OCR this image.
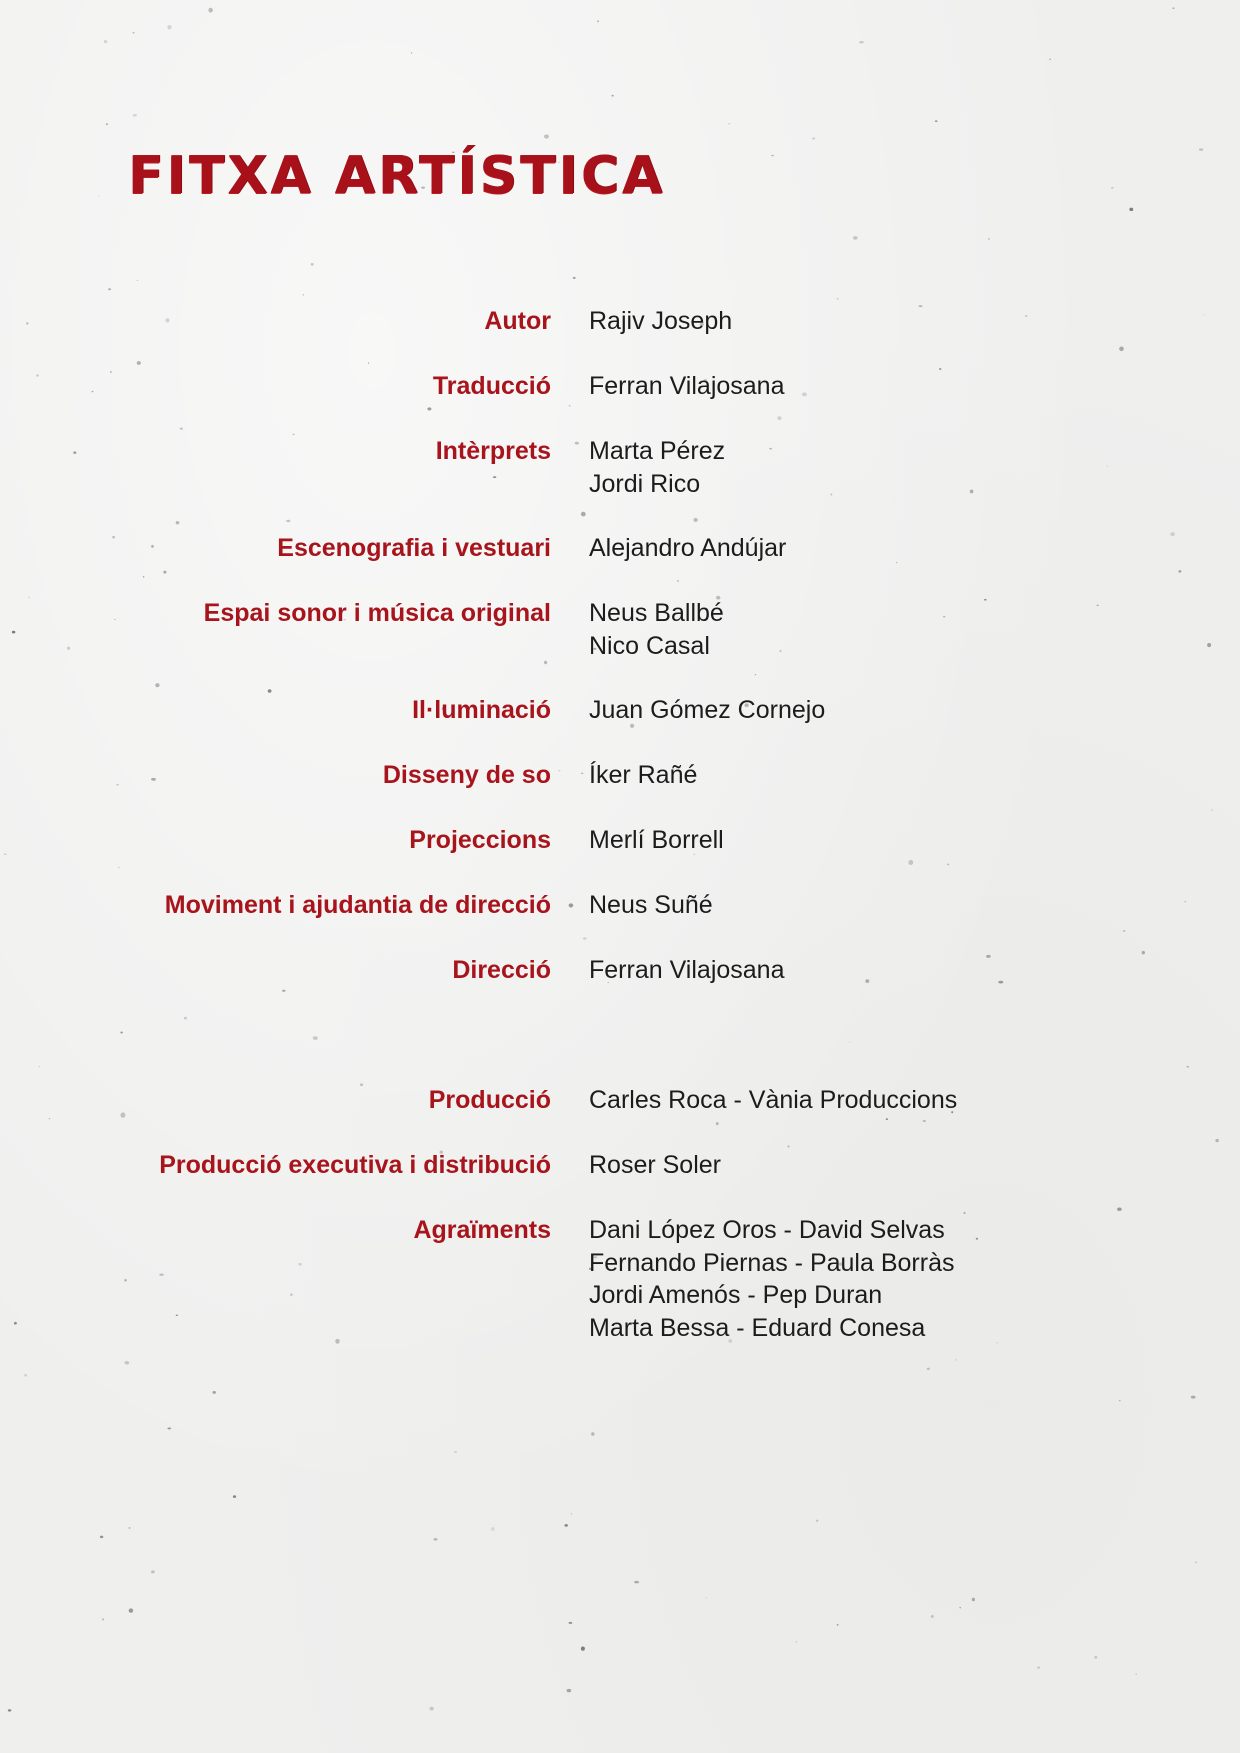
FITXA ARTÍSTICA
Autor Rajiv Joseph
Traducció Ferran Vilajosana
Intèrprets Marta Pérez
Jordi Rico
Escenografia i vestuari Alejandro Andújar
Espai sonor i música original Neus Ballbé
Nico Casal
Il·luminació Juan Gómez Cornejo
Disseny de so Íker Rañé
Projeccions Merlí Borrell
Moviment i ajudantia de direcció Neus Suñé
Direcció Ferran Vilajosana
Producció Carles Roca - Vània Produccions
Producció executiva i distribució Roser Soler
Agraïments Dani López Oros - David Selvas
Fernando Piernas - Paula Borràs
Jordi Amenós - Pep Duran
Marta Bessa - Eduard Conesa
